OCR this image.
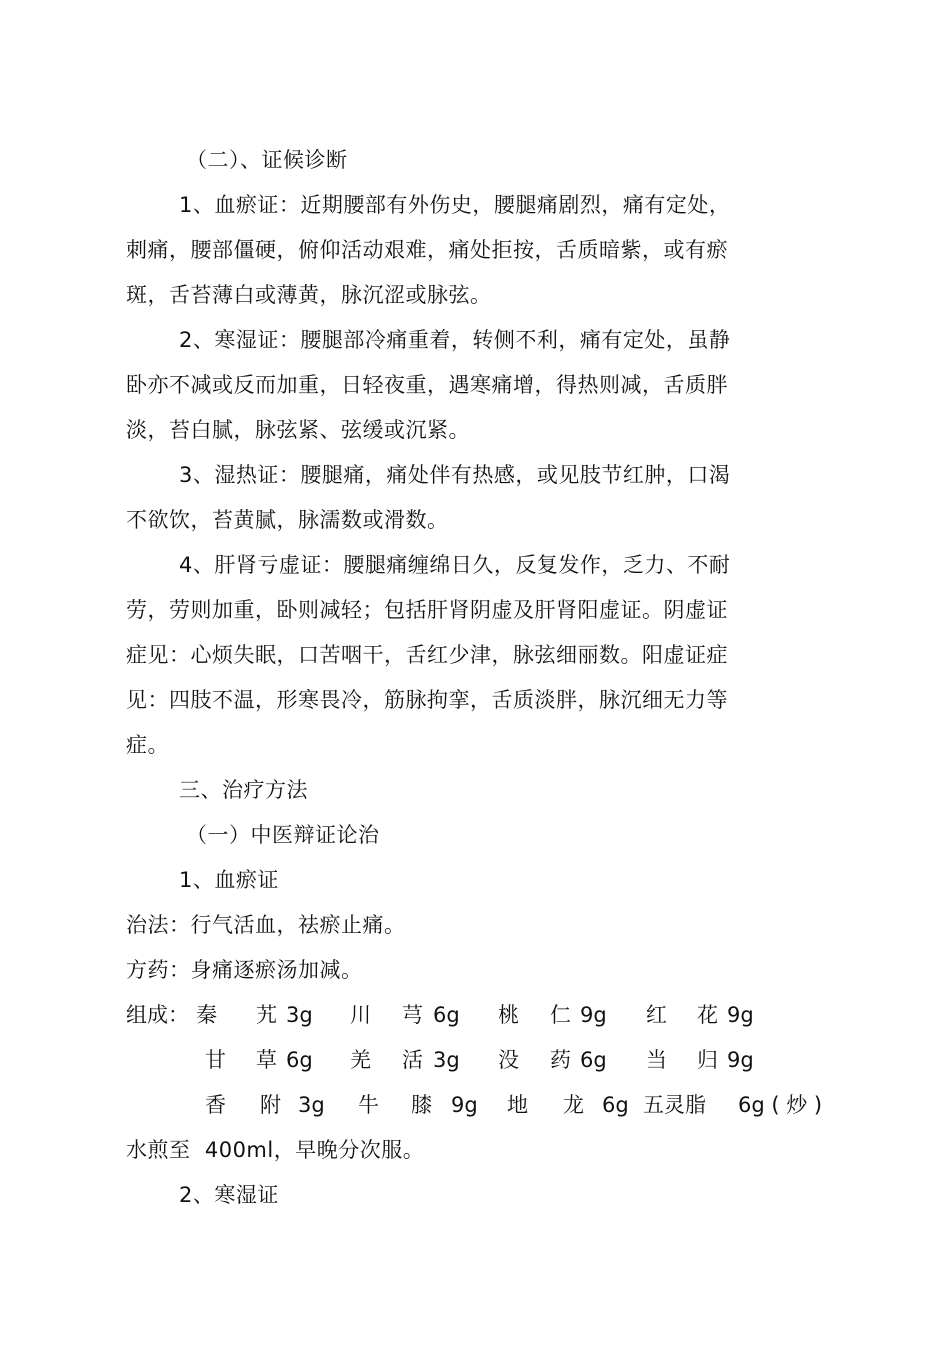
（二）、证候诊断
1、血瘀证：近期腰部有外伤史，腰腿痛剧烈，痛有定处，
刺痛，腰部僵硬，俯仰活动艰难，痛处拒按，舌质暗紫，或有瘀
斑，舌苔薄白或薄黄，脉沉涩或脉弦。
2、寒湿证：腰腿部冷痛重着，转侧不利，痛有定处，虽静
卧亦不减或反而加重，日轻夜重，遇寒痛增，得热则减，舌质胖
淡，苔白腻，脉弦紧、弦缓或沉紧。
3、湿热证：腰腿痛，痛处伴有热感，或见肢节红肿，口渴
不欲饮，苔黄腻，脉濡数或滑数。
4、肝肾亏虚证：腰腿痛缠绵日久，反复发作，乏力、不耐
劳，劳则加重，卧则减轻；包括肝肾阴虚及肝肾阳虚证。阴虚证
症见：心烦失眠，口苦咽干，舌红少津，脉弦细丽数。阳虚证症
见：四肢不温，形寒畏冷，筋脉拘挛，舌质淡胖，脉沉细无力等
症。
三、治疗方法
（一）中医辩证论治
1、血瘀证
治法：行气活血，祛瘀止痛。
方药：身痛逐瘀汤加减。
组成： 秦 艽 3g 川 芎 6g 桃 仁 9g 红 花 9g
甘 草 6g 羌 活 3g 没 药 6g 当 归 9g
香 附 3g 牛 膝 9g 地 龙 6g 五灵脂 6g ( 炒 )
水煎至  400ml，早晚分次服。
2、寒湿证
